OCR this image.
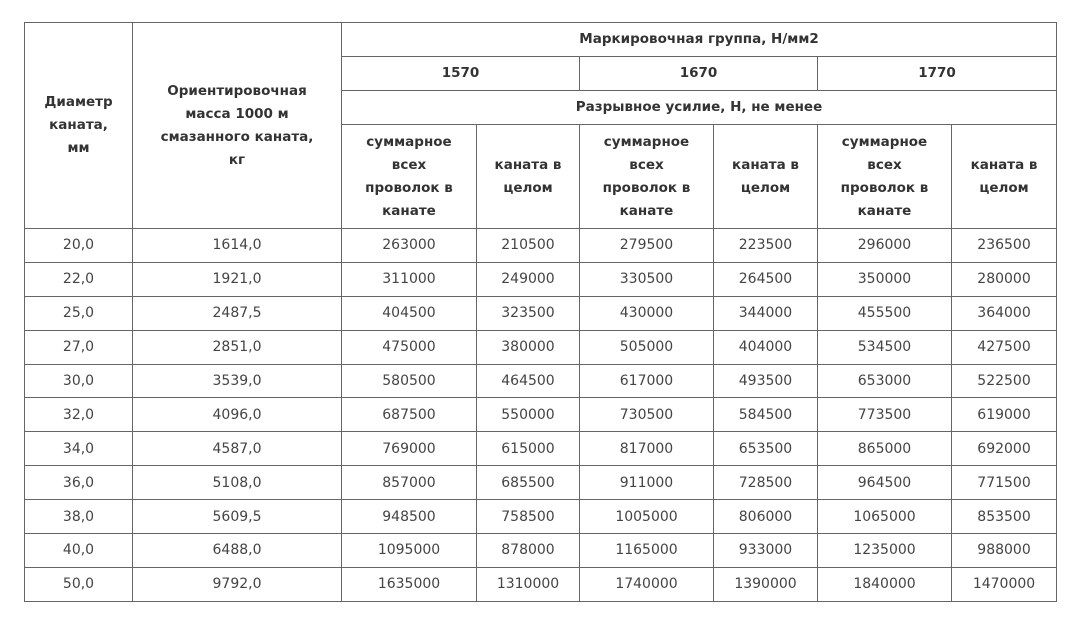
Диаметр каната, мм	Ориентировочная масса 1000 м смазанного каната, кг	Маркировочная группа, Н/мм2					
		1570		1670		1770	
		Разрывное усилие, Н, не менее					
		суммарное всех проволок в канате	каната в целом	суммарное всех проволок в канате	каната в целом	суммарное всех проволок в канате	каната в целом
20,0	1614,0	263000	210500	279500	223500	296000	236500
22,0	1921,0	311000	249000	330500	264500	350000	280000
25,0	2487,5	404500	323500	430000	344000	455500	364000
27,0	2851,0	475000	380000	505000	404000	534500	427500
30,0	3539,0	580500	464500	617000	493500	653000	522500
32,0	4096,0	687500	550000	730500	584500	773500	619000
34,0	4587,0	769000	615000	817000	653500	865000	692000
36,0	5108,0	857000	685500	911000	728500	964500	771500
38,0	5609,5	948500	758500	1005000	806000	1065000	853500
40,0	6488,0	1095000	878000	1165000	933000	1235000	988000
50,0	9792,0	1635000	1310000	1740000	1390000	1840000	1470000
